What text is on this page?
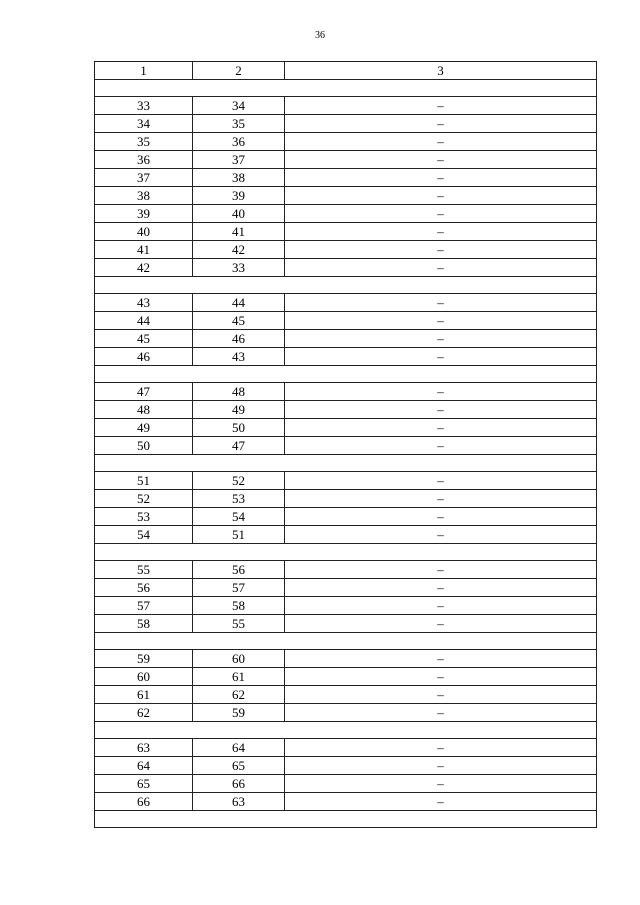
36
1	2	3

33	34	–
34	35	–
35	36	–
36	37	–
37	38	–
38	39	–
39	40	–
40	41	–
41	42	–
42	33	–

43	44	–
44	45	–
45	46	–
46	43	–

47	48	–
48	49	–
49	50	–
50	47	–

51	52	–
52	53	–
53	54	–
54	51	–

55	56	–
56	57	–
57	58	–
58	55	–

59	60	–
60	61	–
61	62	–
62	59	–

63	64	–
64	65	–
65	66	–
66	63	–
